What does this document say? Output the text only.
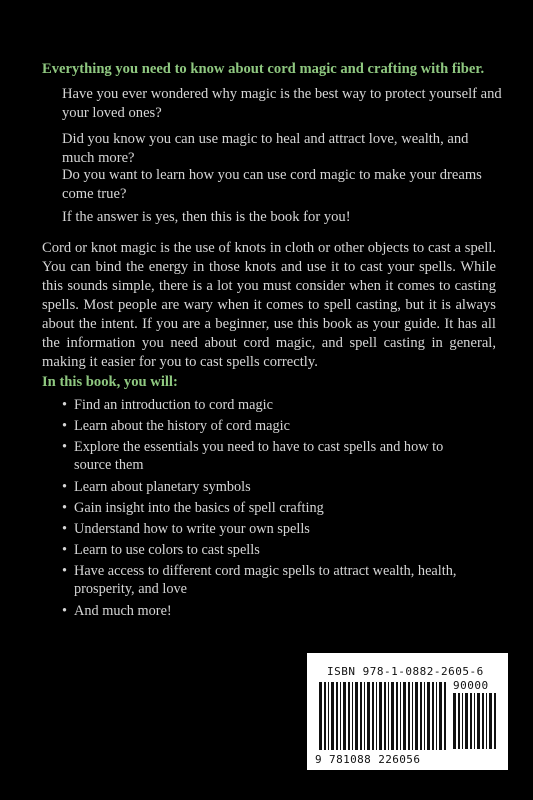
Everything you need to know about cord magic and crafting with fiber.
Have you ever wondered why magic is the best way to protect yourself and your loved ones?
Did you know you can use magic to heal and attract love, wealth, and much more?
Do you want to learn how you can use cord magic to make your dreams come true?
If the answer is yes, then this is the book for you!
Cord or knot magic is the use of knots in cloth or other objects to cast a spell. You can bind the energy in those knots and use it to cast your spells. While this sounds simple, there is a lot you must consider when it comes to casting spells. Most people are wary when it comes to spell casting, but it is always about the intent. If you are a beginner, use this book as your guide. It has all the information you need about cord magic, and spell casting in general, making it easier for you to cast spells correctly.
In this book, you will:
• Find an introduction to cord magic
• Learn about the history of cord magic
• Explore the essentials you need to have to cast spells and how to source them
• Learn about planetary symbols
• Gain insight into the basics of spell crafting
• Understand how to write your own spells
• Learn to use colors to cast spells
• Have access to different cord magic spells to attract wealth, health, prosperity, and love
• And much more!
ISBN 978-1-0882-2605-6
90000
9 781088 226056
